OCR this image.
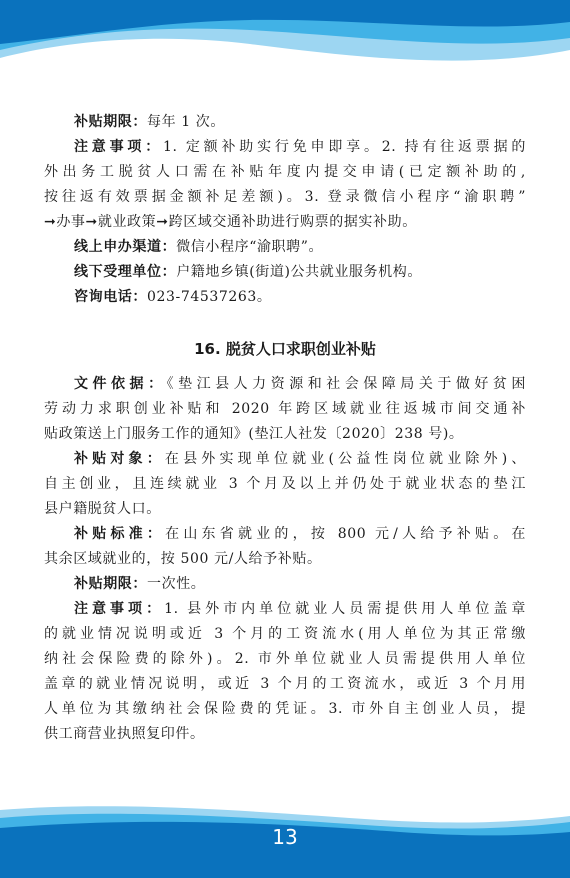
补贴期限：每年 1 次。
注意事项：1. 定额补助实行免申即享。2. 持有往返票据的
外出务工脱贫人口需在补贴年度内提交申请(已定额补助的,
按往返有效票据金额补足差额)。3. 登录微信小程序“渝职聘”
➞办事➞就业政策➞跨区域交通补助进行购票的据实补助。
线上申办渠道：微信小程序“渝职聘”。
线下受理单位：户籍地乡镇(街道)公共就业服务机构。
咨询电话：023-74537263。
16. 脱贫人口求职创业补贴
文件依据：《垫江县人力资源和社会保障局关于做好贫困
劳动力求职创业补贴和 2020 年跨区域就业往返城市间交通补
贴政策送上门服务工作的通知》(垫江人社发〔2020〕238 号)。
补贴对象：在县外实现单位就业(公益性岗位就业除外)、
自主创业，且连续就业 3 个月及以上并仍处于就业状态的垫江
县户籍脱贫人口。
补贴标准：在山东省就业的，按 800 元/人给予补贴。在
其余区域就业的，按 500 元/人给予补贴。
补贴期限：一次性。
注意事项：1. 县外市内单位就业人员需提供用人单位盖章
的就业情况说明或近 3 个月的工资流水(用人单位为其正常缴
纳社会保险费的除外)。2. 市外单位就业人员需提供用人单位
盖章的就业情况说明，或近 3 个月的工资流水，或近 3 个月用
人单位为其缴纳社会保险费的凭证。3. 市外自主创业人员，提
供工商营业执照复印件。
13
